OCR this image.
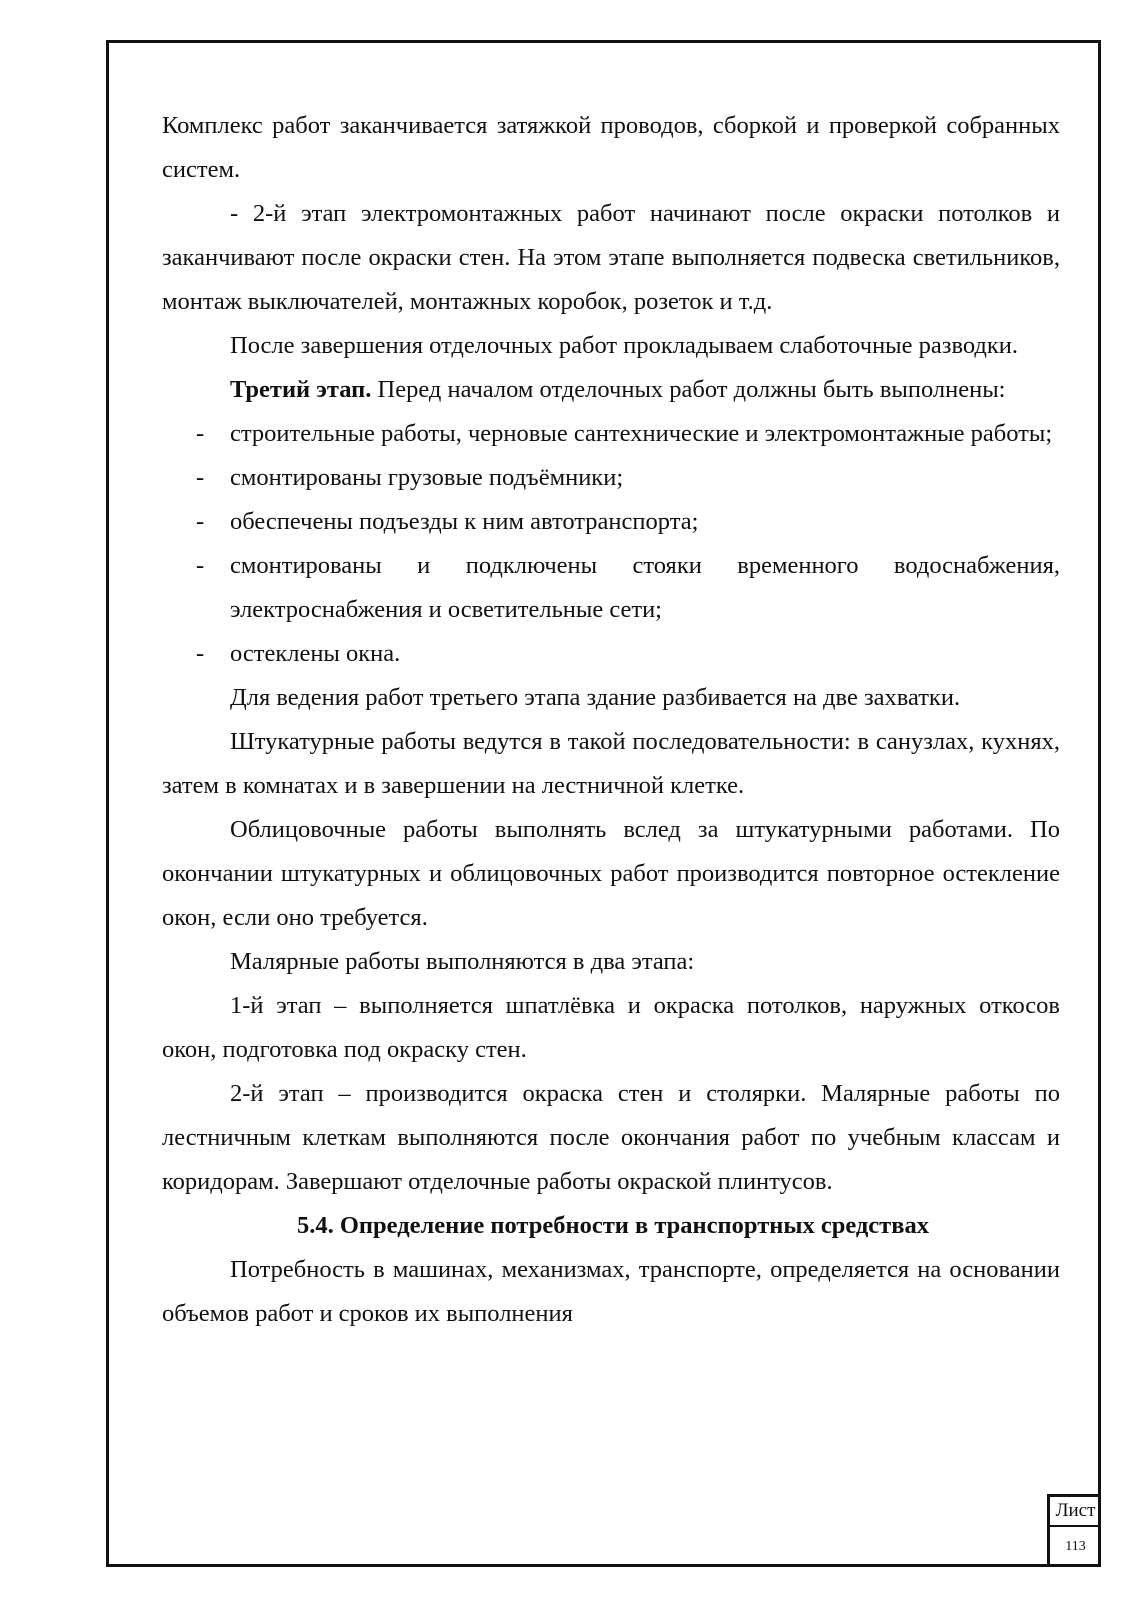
Комплекс работ заканчивается затяжкой проводов, сборкой и проверкой собранных систем.

- 2-й этап электромонтажных работ начинают после окраски потолков и заканчивают после окраски стен. На этом этапе выполняется подвеска светильников, монтаж выключателей, монтажных коробок, розеток и т.д.

После завершения отделочных работ прокладываем слаботочные разводки.

Третий этап. Перед началом отделочных работ должны быть выполнены:

- строительные работы, черновые сантехнические и электромонтажные работы;
- смонтированы грузовые подъёмники;
- обеспечены подъезды к ним автотранспорта;
- смонтированы и подключены стояки временного водоснабжения, электроснабжения и осветительные сети;
- остеклены окна.

Для ведения работ третьего этапа здание разбивается на две захватки.

Штукатурные работы ведутся в такой последовательности: в санузлах, кухнях, затем в комнатах и в завершении на лестничной клетке.

Облицовочные работы выполнять вслед за штукатурными работами. По окончании штукатурных и облицовочных работ производится повторное остекление окон, если оно требуется.

Малярные работы выполняются в два этапа:

1-й этап – выполняется шпатлёвка и окраска потолков, наружных откосов окон, подготовка под окраску стен.

2-й этап – производится окраска стен и столярки. Малярные работы по лестничным клеткам выполняются после окончания работ по учебным классам и коридорам. Завершают отделочные работы окраской плинтусов.

5.4. Определение потребности в транспортных средствах

Потребность в машинах, механизмах, транспорте, определяется на основании объемов работ и сроков их выполнения

Лист
113
